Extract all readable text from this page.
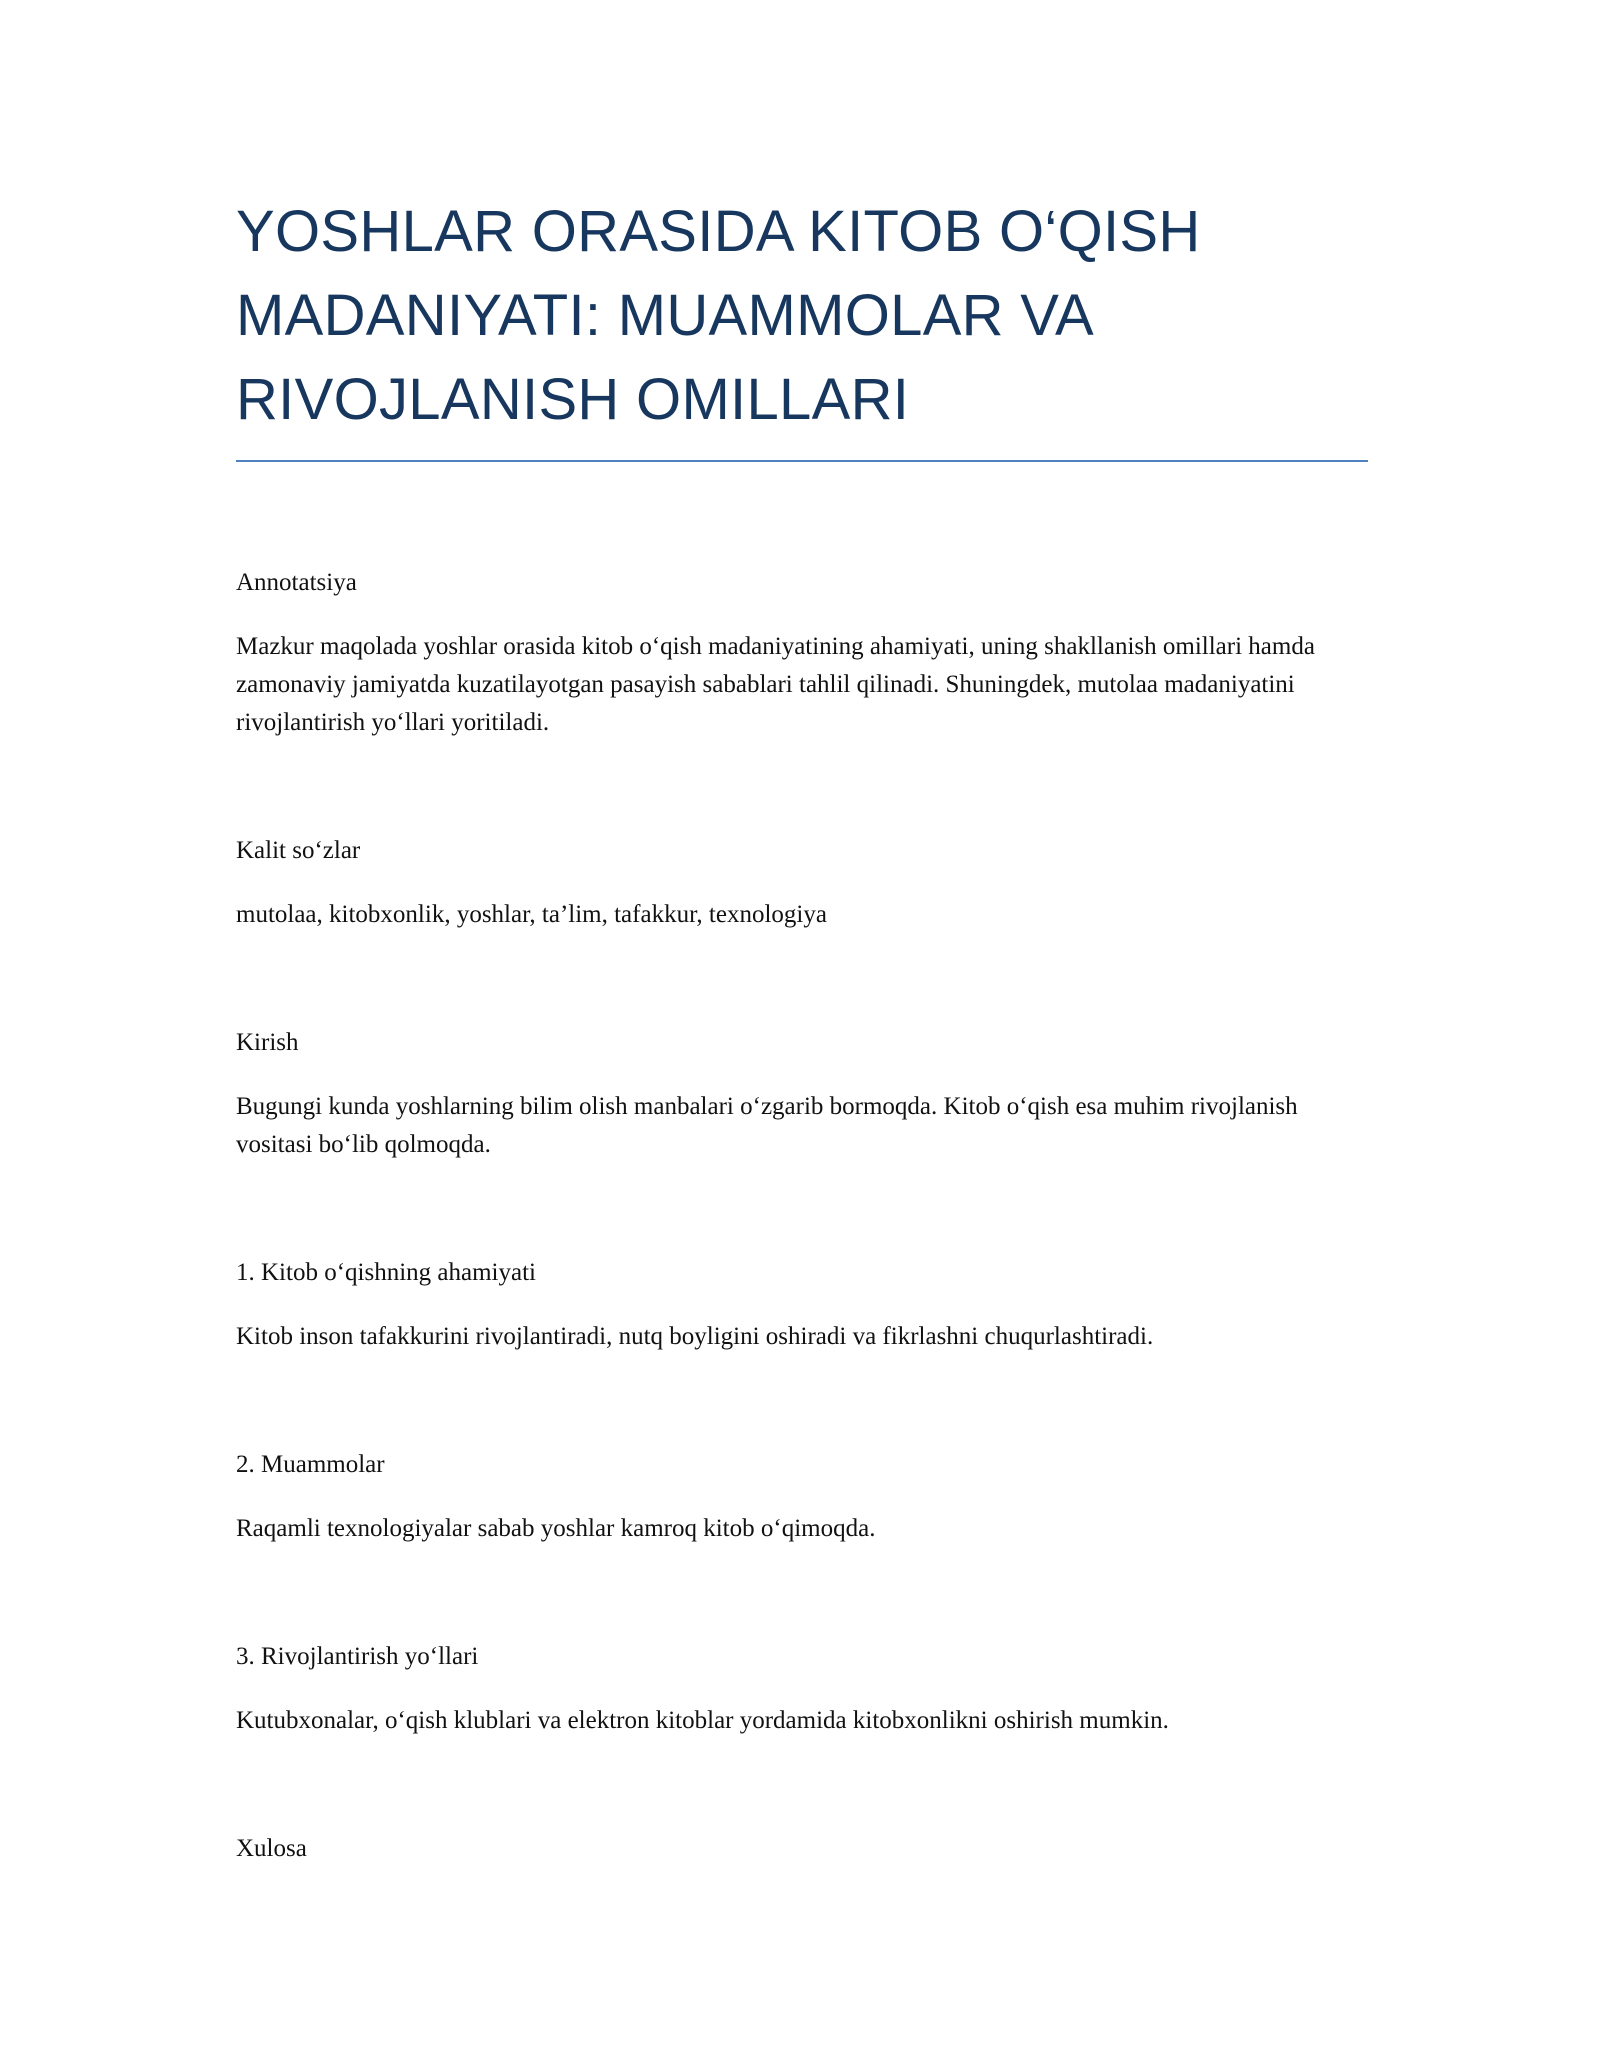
YOSHLAR ORASIDA KITOB O‘QISH MADANIYATI: MUAMMOLAR VA RIVOJLANISH OMILLARI

Annotatsiya

Mazkur maqolada yoshlar orasida kitob o‘qish madaniyatining ahamiyati, uning shakllanish omillari hamda zamonaviy jamiyatda kuzatilayotgan pasayish sabablari tahlil qilinadi. Shuningdek, mutolaa madaniyatini rivojlantirish yo‘llari yoritiladi.

Kalit so‘zlar

mutolaa, kitobxonlik, yoshlar, ta’lim, tafakkur, texnologiya

Kirish

Bugungi kunda yoshlarning bilim olish manbalari o‘zgarib bormoqda. Kitob o‘qish esa muhim rivojlanish vositasi bo‘lib qolmoqda.

1. Kitob o‘qishning ahamiyati

Kitob inson tafakkurini rivojlantiradi, nutq boyligini oshiradi va fikrlashni chuqurlashtiradi.

2. Muammolar

Raqamli texnologiyalar sabab yoshlar kamroq kitob o‘qimoqda.

3. Rivojlantirish yo‘llari

Kutubxonalar, o‘qish klublari va elektron kitoblar yordamida kitobxonlikni oshirish mumkin.

Xulosa
